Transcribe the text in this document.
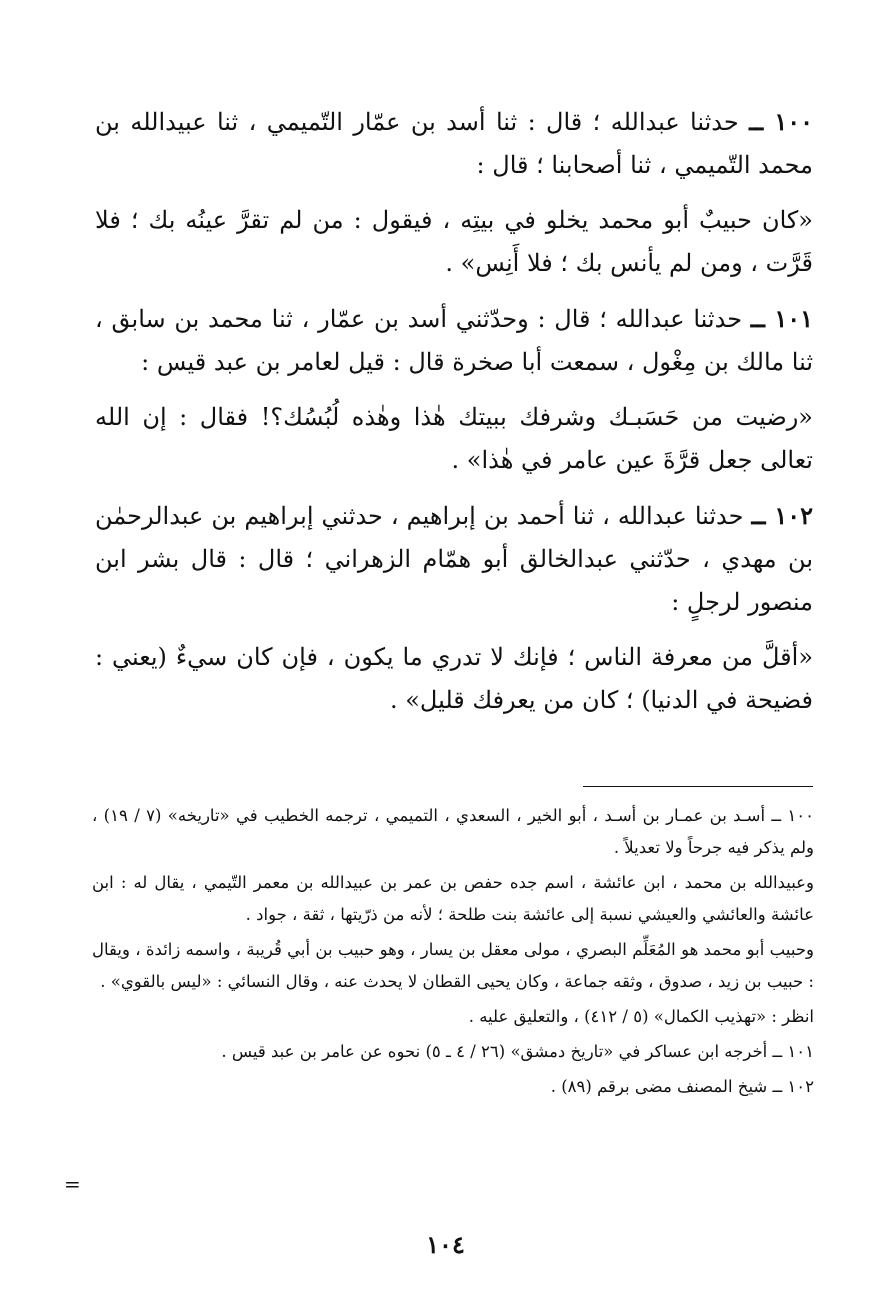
١٠٠ ــ حدثنا عبدالله ؛ قال : ثنا أسد بن عمّار التّميمي ، ثنا عبيدالله بن محمد التّميمي ، ثنا أصحابنا ؛ قال :

«كان حبيبٌ أبو محمد يخلو في بيتِه ، فيقول : من لم تقرَّ عينُه بك ؛ فلا قَرَّت ، ومن لم يأنس بك ؛ فلا أَنِس» .

١٠١ ــ حدثنا عبدالله ؛ قال : وحدّثني أسد بن عمّار ، ثنا محمد بن سابق ، ثنا مالك بن مِغْول ، سمعت أبا صخرة قال : قيل لعامر بن عبد قيس :

«رضيت من حَسَبـك وشرفك ببيتك هٰذا وهٰذه لُبُسُك؟! فقال : إن الله تعالى جعل قرَّةَ عين عامر في هٰذا» .

١٠٢ ــ حدثنا عبدالله ، ثنا أحمد بن إبراهيم ، حدثني إبراهيم بن عبدالرحمٰن بن مهدي ، حدّثني عبدالخالق أبو همّام الزهراني ؛ قال : قال بشر ابن منصور لرجلٍ :

«أقلَّ من معرفة الناس ؛ فإنك لا تدري ما يكون ، فإن كان سيءٌ (يعني : فضيحة في الدنيا) ؛ كان من يعرفك قليل» .

١٠٠ ــ أسـد بن عمـار بن أسـد ، أبو الخير ، السعدي ، التميمي ، ترجمه الخطيب في «تاريخه» (٧ / ١٩) ، ولم يذكر فيه جرحاً ولا تعديلاً .

وعبيدالله بن محمد ، ابن عائشة ، اسم جده حفص بن عمر بن عبيدالله بن معمر التّيمي ، يقال له : ابن عائشة والعائشي والعيشي نسبة إلى عائشة بنت طلحة ؛ لأنه من ذرّيتها ، ثقة ، جواد .

وحبيب أبو محمد هو المُعَلِّم البصري ، مولى معقل بن يسار ، وهو حبيب بن أبي قُريبة ، واسمه زائدة ، ويقال : حبيب بن زيد ، صدوق ، وثقه جماعة ، وكان يحيى القطان لا يحدث عنه ، وقال النسائي : «ليس بالقوي» .

انظر : «تهذيب الكمال» (٥ / ٤١٢) ، والتعليق عليه .

١٠١ ــ أخرجه ابن عساكر في «تاريخ دمشق» (٢٦ / ٤ ـ ٥) نحوه عن عامر بن عبد قيس .

١٠٢ ــ شيخ المصنف مضى برقم (٨٩) .

=
١٠٤
